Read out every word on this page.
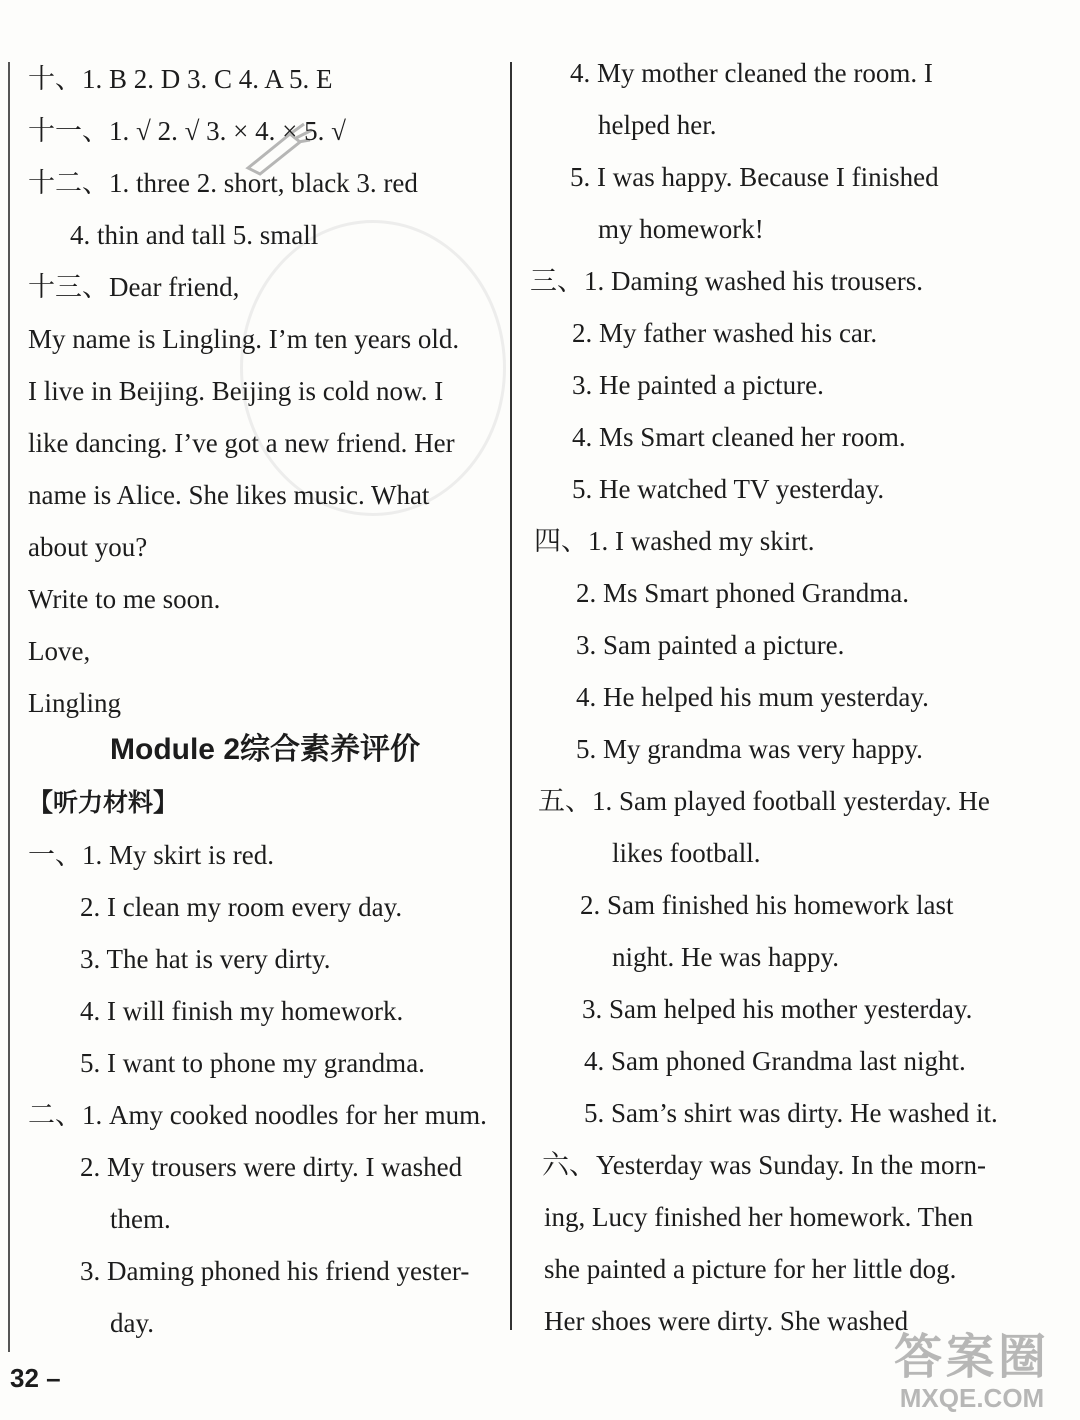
十、1. B 2. D 3. C 4. A 5. E
十一、1. √ 2. √ 3. × 4. × 5. √
十二、1. three 2. short, black 3. red
4. thin and tall 5. small
十三、Dear friend,
My name is Lingling. I’m ten years old.
I live in Beijing. Beijing is cold now. I
like dancing. I’ve got a new friend. Her
name is Alice. She likes music. What
about you?
Write to me soon.
Love,
Lingling
Module 2综合素养评价
【听力材料】
一、1. My skirt is red.
2. I clean my room every day.
3. The hat is very dirty.
4. I will finish my homework.
5. I want to phone my grandma.
二、1. Amy cooked noodles for her mum.
2. My trousers were dirty. I washed
them.
3. Daming phoned his friend yester-
day.
4. My mother cleaned the room. I
helped her.
5. I was happy. Because I finished
my homework!
三、1. Daming washed his trousers.
2. My father washed his car.
3. He painted a picture.
4. Ms Smart cleaned her room.
5. He watched TV yesterday.
四、1. I washed my skirt.
2. Ms Smart phoned Grandma.
3. Sam painted a picture.
4. He helped his mum yesterday.
5. My grandma was very happy.
五、1. Sam played football yesterday. He
likes football.
2. Sam finished his homework last
night. He was happy.
3. Sam helped his mother yesterday.
4. Sam phoned Grandma last night.
5. Sam’s shirt was dirty. He washed it.
六、Yesterday was Sunday. In the morn-
ing, Lucy finished her homework. Then
she painted a picture for her little dog.
Her shoes were dirty. She washed
32 –	答案圈
MXQE.COM
